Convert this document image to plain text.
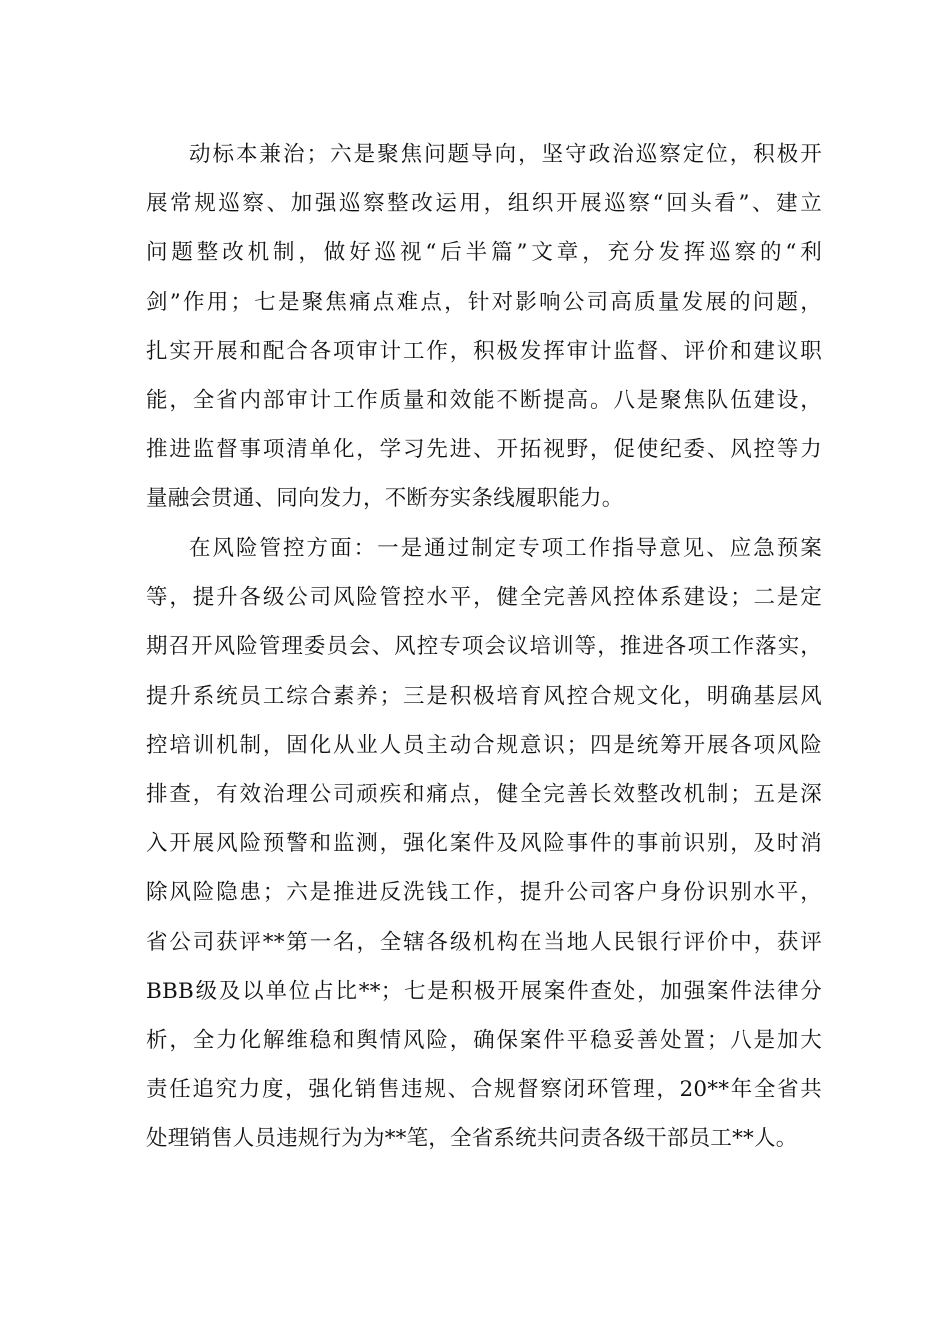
动标本兼治；六是聚焦问题导向，坚守政治巡察定位，积极开
展常规巡察、加强巡察整改运用，组织开展巡察“回头看”、建立
问题整改机制，做好巡视“后半篇”文章，充分发挥巡察的“利
剑”作用；七是聚焦痛点难点，针对影响公司高质量发展的问题，
扎实开展和配合各项审计工作，积极发挥审计监督、评价和建议职
能，全省内部审计工作质量和效能不断提高。八是聚焦队伍建设，
推进监督事项清单化，学习先进、开拓视野，促使纪委、风控等力
量融会贯通、同向发力，不断夯实条线履职能力。
在风险管控方面：一是通过制定专项工作指导意见、应急预案
等，提升各级公司风险管控水平，健全完善风控体系建设；二是定
期召开风险管理委员会、风控专项会议培训等，推进各项工作落实，
提升系统员工综合素养；三是积极培育风控合规文化，明确基层风
控培训机制，固化从业人员主动合规意识；四是统筹开展各项风险
排查，有效治理公司顽疾和痛点，健全完善长效整改机制；五是深
入开展风险预警和监测，强化案件及风险事件的事前识别，及时消
除风险隐患；六是推进反洗钱工作，提升公司客户身份识别水平，
省公司获评**第一名，全辖各级机构在当地人民银行评价中，获评
BBB级及以单位占比**；七是积极开展案件查处，加强案件法律分
析，全力化解维稳和舆情风险，确保案件平稳妥善处置；八是加大
责任追究力度，强化销售违规、合规督察闭环管理，20**年全省共
处理销售人员违规行为为**笔，全省系统共问责各级干部员工**人。
